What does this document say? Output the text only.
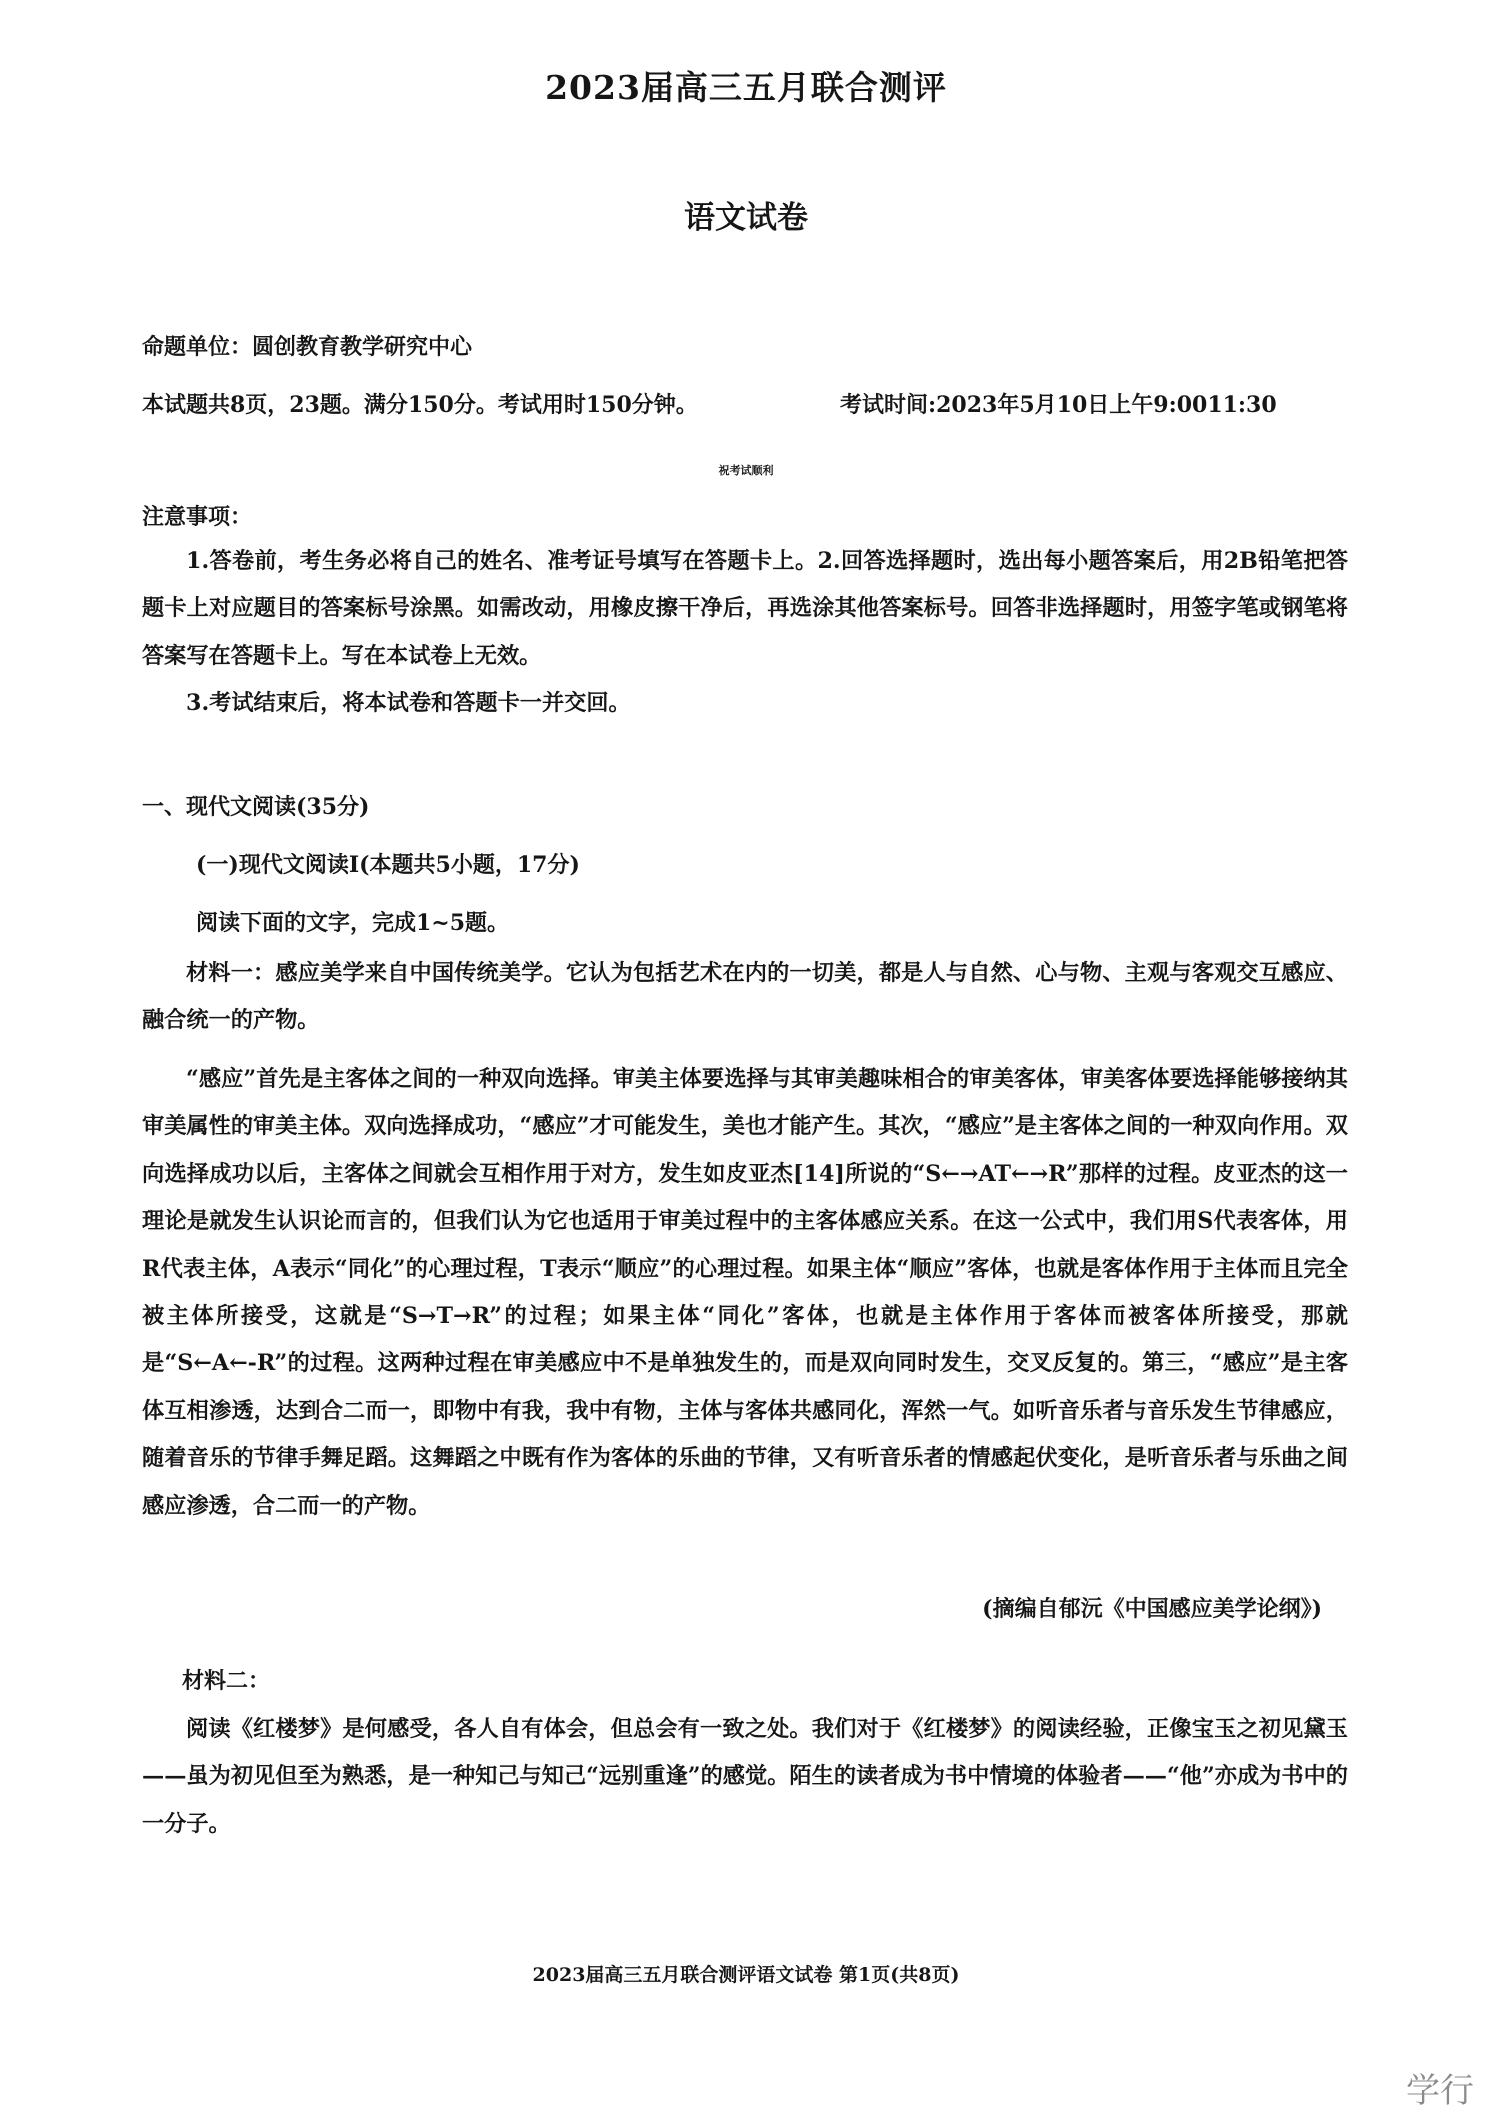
2023届高三五月联合测评
语文试卷
命题单位：圆创教育教学研究中心
本试题共8页，23题。满分150分。考试用时150分钟。	考试时间:2023年5月10日上午9:0011:30
祝考试顺利
注意事项：

1.答卷前，考生务必将自己的姓名、准考证号填写在答题卡上。2.回答选择题时，选出每小题答案后，用2B铅笔把答题卡上对应题目的答案标号涂黑。如需改动，用橡皮擦干净后，再选涂其他答案标号。回答非选择题时，用签字笔或钢笔将答案写在答题卡上。写在本试卷上无效。

3.考试结束后，将本试卷和答题卡一并交回。

一、现代文阅读(35分)
(一)现代文阅读Ⅰ(本题共5小题，17分)
阅读下面的文字，完成1~5题。

材料一：感应美学来自中国传统美学。它认为包括艺术在内的一切美，都是人与自然、心与物、主观与客观交互感应、融合统一的产物。

“感应”首先是主客体之间的一种双向选择。审美主体要选择与其审美趣味相合的审美客体，审美客体要选择能够接纳其审美属性的审美主体。双向选择成功，“感应”才可能发生，美也才能产生。其次，“感应”是主客体之间的一种双向作用。双向选择成功以后，主客体之间就会互相作用于对方，发生如皮亚杰[14]所说的“S←→AT←→R”那样的过程。皮亚杰的这一理论是就发生认识论而言的，但我们认为它也适用于审美过程中的主客体感应关系。在这一公式中，我们用S代表客体，用R代表主体，A表示“同化”的心理过程，T表示“顺应”的心理过程。如果主体“顺应”客体，也就是客体作用于主体而且完全被主体所接受，这就是“S→T→R”的过程；如果主体“同化”客体，也就是主体作用于客体而被客体所接受，那就是“S←A←-R”的过程。这两种过程在审美感应中不是单独发生的，而是双向同时发生，交叉反复的。第三，“感应”是主客体互相渗透，达到合二而一，即物中有我，我中有物，主体与客体共感同化，浑然一气。如听音乐者与音乐发生节律感应，随着音乐的节律手舞足蹈。这舞蹈之中既有作为客体的乐曲的节律，又有听音乐者的情感起伏变化，是听音乐者与乐曲之间感应渗透，合二而一的产物。

(摘编自郁沅《中国感应美学论纲》)
材料二：

阅读《红楼梦》是何感受，各人自有体会，但总会有一致之处。我们对于《红楼梦》的阅读经验，正像宝玉之初见黛玉——虽为初见但至为熟悉，是一种知己与知己“远别重逢”的感觉。陌生的读者成为书中情境的体验者——“他”亦成为书中的一分子。

2023届高三五月联合测评语文试卷 第1页(共8页)
学行
